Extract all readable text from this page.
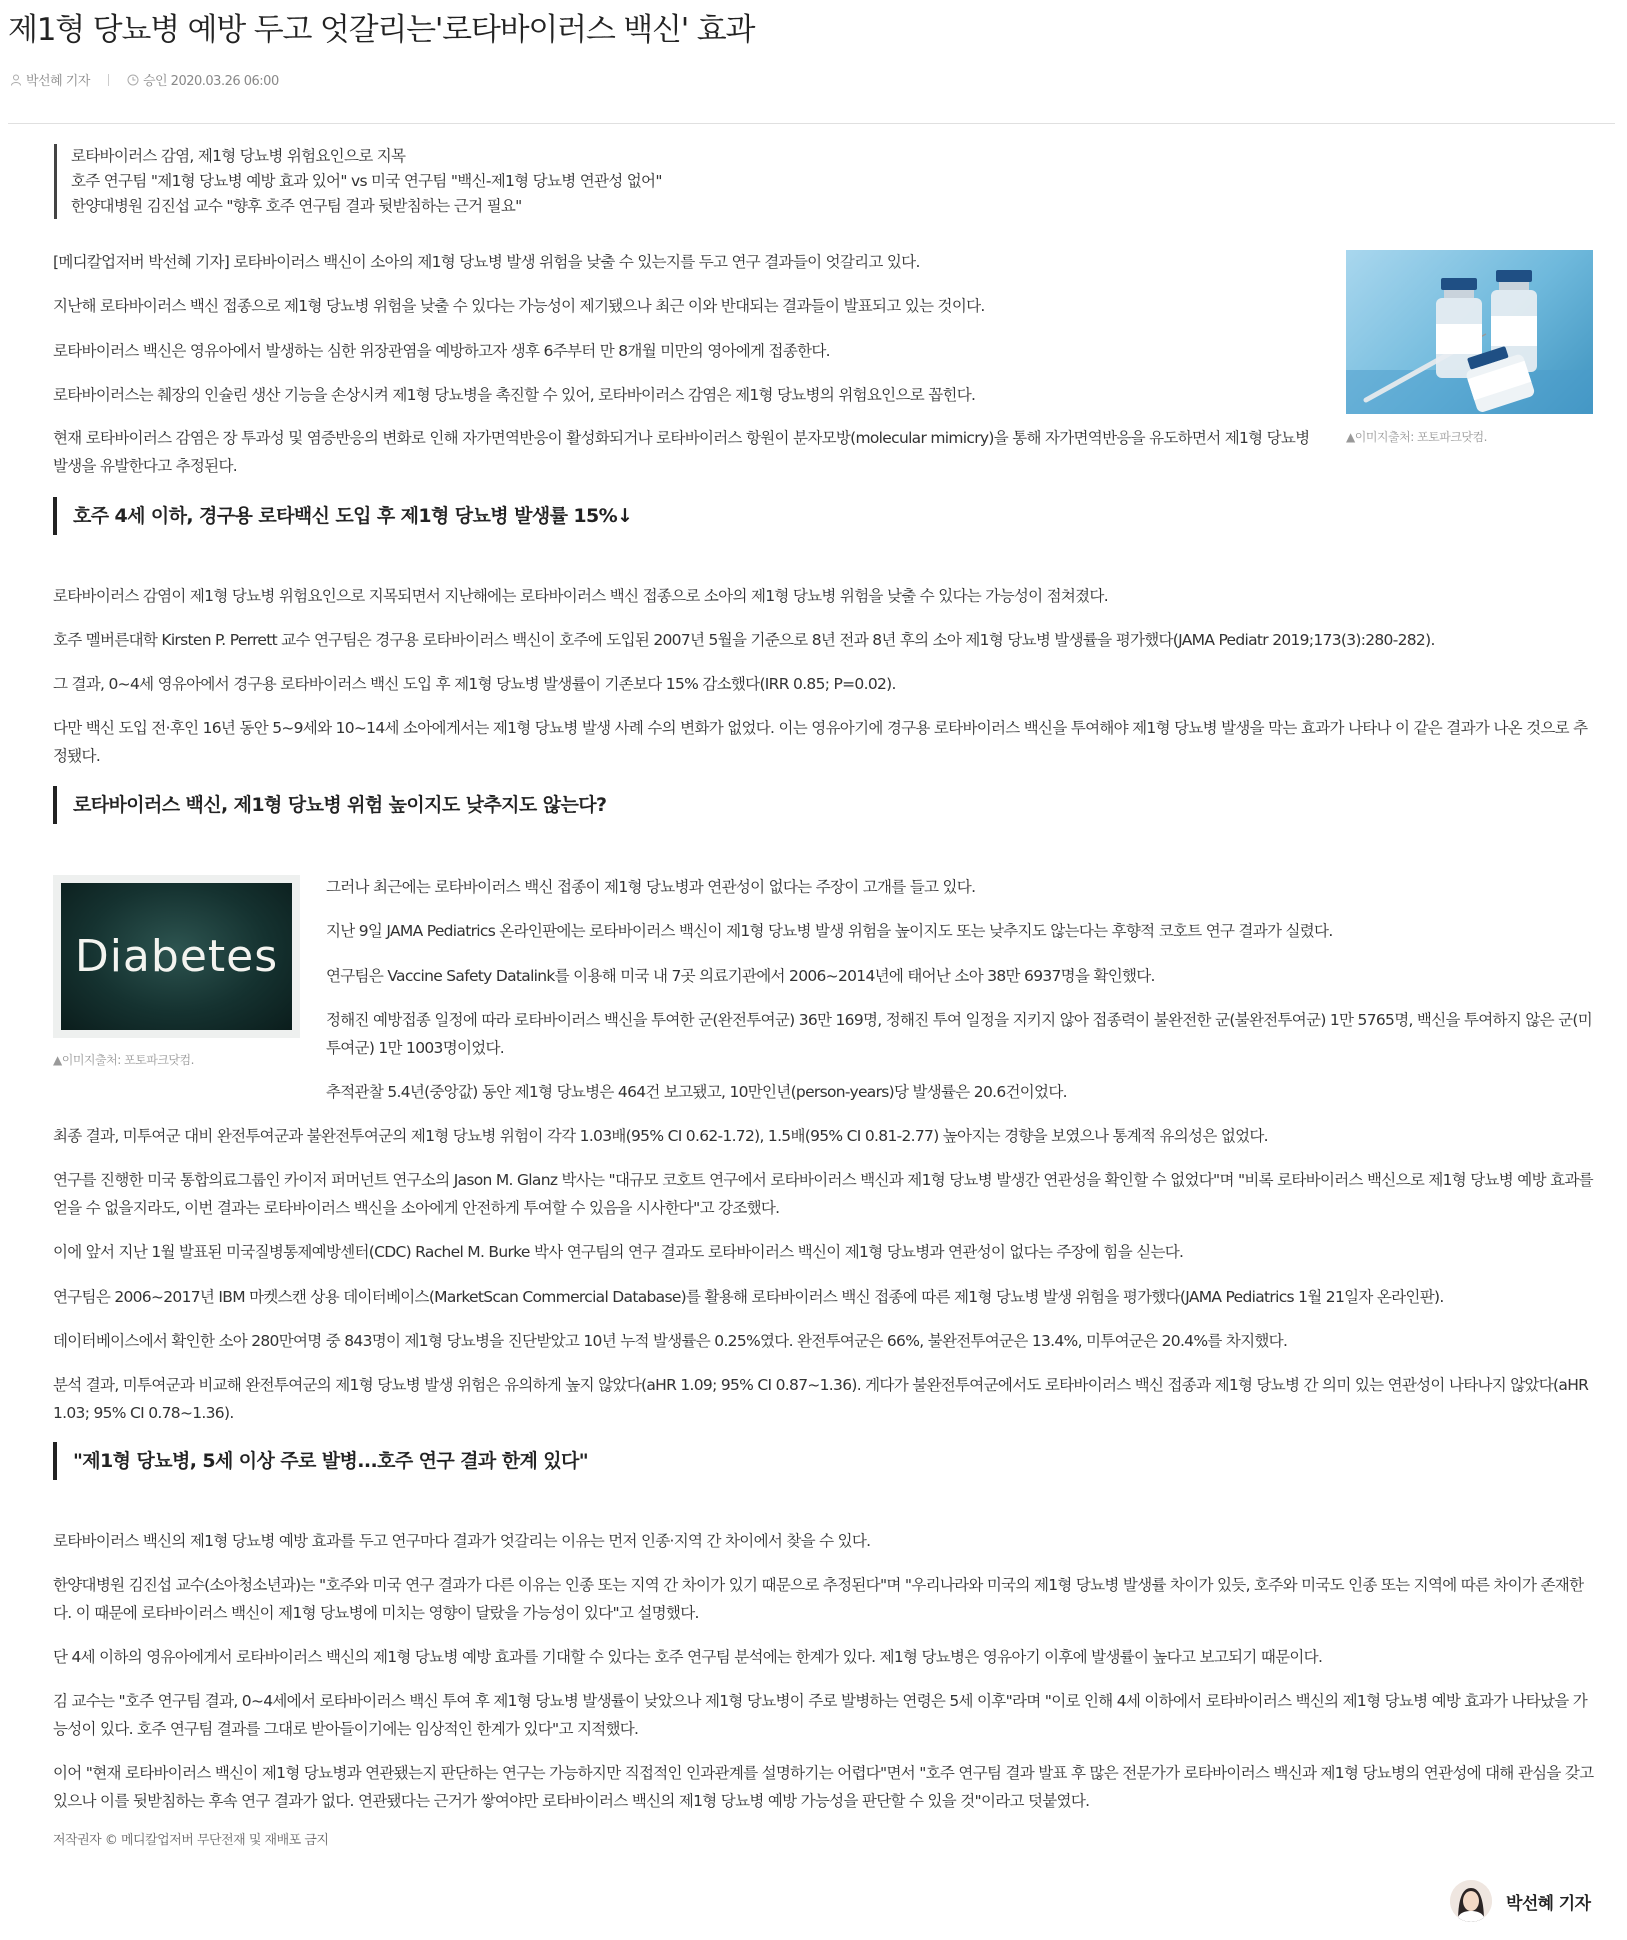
제1형 당뇨병 예방 두고 엇갈리는'로타바이러스 백신' 효과
박선혜 기자	승인 2020.03.26 06:00
로타바이러스 감염, 제1형 당뇨병 위험요인으로 지목
호주 연구팀 "제1형 당뇨병 예방 효과 있어" vs 미국 연구팀 "백신-제1형 당뇨병 연관성 없어"
한양대병원 김진섭 교수 "향후 호주 연구팀 결과 뒷받침하는 근거 필요"

[메디칼업저버 박선혜 기자] 로타바이러스 백신이 소아의 제1형 당뇨병 발생 위험을 낮출 수 있는지를 두고 연구 결과들이 엇갈리고 있다.

지난해 로타바이러스 백신 접종으로 제1형 당뇨병 위험을 낮출 수 있다는 가능성이 제기됐으나 최근 이와 반대되는 결과들이 발표되고 있는 것이다.

로타바이러스 백신은 영유아에서 발생하는 심한 위장관염을 예방하고자 생후 6주부터 만 8개월 미만의 영아에게 접종한다.

로타바이러스는 췌장의 인슐린 생산 기능을 손상시켜 제1형 당뇨병을 촉진할 수 있어, 로타바이러스 감염은 제1형 당뇨병의 위험요인으로 꼽힌다.

현재 로타바이러스 감염은 장 투과성 및 염증반응의 변화로 인해 자가면역반응이 활성화되거나 로타바이러스 항원이 분자모방(molecular mimicry)을 통해 자가면역반응을 유도하면서 제1형 당뇨병 발생을 유발한다고 추정된다.

▲이미지출처: 포토파크닷컴.
호주 4세 이하, 경구용 로타백신 도입 후 제1형 당뇨병 발생률 15%↓

로타바이러스 감염이 제1형 당뇨병 위험요인으로 지목되면서 지난해에는 로타바이러스 백신 접종으로 소아의 제1형 당뇨병 위험을 낮출 수 있다는 가능성이 점쳐졌다.

호주 멜버른대학 Kirsten P. Perrett 교수 연구팀은 경구용 로타바이러스 백신이 호주에 도입된 2007년 5월을 기준으로 8년 전과 8년 후의 소아 제1형 당뇨병 발생률을 평가했다(JAMA Pediatr 2019;173(3):280-282).

그 결과, 0~4세 영유아에서 경구용 로타바이러스 백신 도입 후 제1형 당뇨병 발생률이 기존보다 15% 감소했다(IRR 0.85; P=0.02).

다만 백신 도입 전·후인 16년 동안 5~9세와 10~14세 소아에게서는 제1형 당뇨병 발생 사례 수의 변화가 없었다. 이는 영유아기에 경구용 로타바이러스 백신을 투여해야 제1형 당뇨병 발생을 막는 효과가 나타나 이 같은 결과가 나온 것으로 추정됐다.

로타바이러스 백신, 제1형 당뇨병 위험 높이지도 낮추지도 않는다?
Diabetes
▲이미지출처: 포토파크닷컴.

그러나 최근에는 로타바이러스 백신 접종이 제1형 당뇨병과 연관성이 없다는 주장이 고개를 들고 있다.

지난 9일 JAMA Pediatrics 온라인판에는 로타바이러스 백신이 제1형 당뇨병 발생 위험을 높이지도 또는 낮추지도 않는다는 후향적 코호트 연구 결과가 실렸다.

연구팀은 Vaccine Safety Datalink를 이용해 미국 내 7곳 의료기관에서 2006~2014년에 태어난 소아 38만 6937명을 확인했다.

정해진 예방접종 일정에 따라 로타바이러스 백신을 투여한 군(완전투여군) 36만 169명, 정해진 투여 일정을 지키지 않아 접종력이 불완전한 군(불완전투여군) 1만 5765명, 백신을 투여하지 않은 군(미투여군) 1만 1003명이었다.

추적관찰 5.4년(중앙값) 동안 제1형 당뇨병은 464건 보고됐고, 10만인년(person-years)당 발생률은 20.6건이었다.

최종 결과, 미투여군 대비 완전투여군과 불완전투여군의 제1형 당뇨병 위험이 각각 1.03배(95% CI 0.62-1.72), 1.5배(95% CI 0.81-2.77) 높아지는 경향을 보였으나 통계적 유의성은 없었다.

연구를 진행한 미국 통합의료그룹인 카이저 퍼머넌트 연구소의 Jason M. Glanz 박사는 "대규모 코호트 연구에서 로타바이러스 백신과 제1형 당뇨병 발생간 연관성을 확인할 수 없었다"며 "비록 로타바이러스 백신으로 제1형 당뇨병 예방 효과를 얻을 수 없을지라도, 이번 결과는 로타바이러스 백신을 소아에게 안전하게 투여할 수 있음을 시사한다"고 강조했다.

이에 앞서 지난 1월 발표된 미국질병통제예방센터(CDC) Rachel M. Burke 박사 연구팀의 연구 결과도 로타바이러스 백신이 제1형 당뇨병과 연관성이 없다는 주장에 힘을 싣는다.

연구팀은 2006~2017년 IBM 마켓스캔 상용 데이터베이스(MarketScan Commercial Database)를 활용해 로타바이러스 백신 접종에 따른 제1형 당뇨병 발생 위험을 평가했다(JAMA Pediatrics 1월 21일자 온라인판).

데이터베이스에서 확인한 소아 280만여명 중 843명이 제1형 당뇨병을 진단받았고 10년 누적 발생률은 0.25%였다. 완전투여군은 66%, 불완전투여군은 13.4%, 미투여군은 20.4%를 차지했다.

분석 결과, 미투여군과 비교해 완전투여군의 제1형 당뇨병 발생 위험은 유의하게 높지 않았다(aHR 1.09; 95% CI 0.87~1.36). 게다가 불완전투여군에서도 로타바이러스 백신 접종과 제1형 당뇨병 간 의미 있는 연관성이 나타나지 않았다(aHR 1.03; 95% CI 0.78~1.36).

"제1형 당뇨병, 5세 이상 주로 발병...호주 연구 결과 한계 있다"

로타바이러스 백신의 제1형 당뇨병 예방 효과를 두고 연구마다 결과가 엇갈리는 이유는 먼저 인종·지역 간 차이에서 찾을 수 있다.

한양대병원 김진섭 교수(소아청소년과)는 "호주와 미국 연구 결과가 다른 이유는 인종 또는 지역 간 차이가 있기 때문으로 추정된다"며 "우리나라와 미국의 제1형 당뇨병 발생률 차이가 있듯, 호주와 미국도 인종 또는 지역에 따른 차이가 존재한다. 이 때문에 로타바이러스 백신이 제1형 당뇨병에 미치는 영향이 달랐을 가능성이 있다"고 설명했다.

단 4세 이하의 영유아에게서 로타바이러스 백신의 제1형 당뇨병 예방 효과를 기대할 수 있다는 호주 연구팀 분석에는 한계가 있다. 제1형 당뇨병은 영유아기 이후에 발생률이 높다고 보고되기 때문이다.

김 교수는 "호주 연구팀 결과, 0~4세에서 로타바이러스 백신 투여 후 제1형 당뇨병 발생률이 낮았으나 제1형 당뇨병이 주로 발병하는 연령은 5세 이후"라며 "이로 인해 4세 이하에서 로타바이러스 백신의 제1형 당뇨병 예방 효과가 나타났을 가능성이 있다. 호주 연구팀 결과를 그대로 받아들이기에는 임상적인 한계가 있다"고 지적했다.

이어 "현재 로타바이러스 백신이 제1형 당뇨병과 연관됐는지 판단하는 연구는 가능하지만 직접적인 인과관계를 설명하기는 어렵다"면서 "호주 연구팀 결과 발표 후 많은 전문가가 로타바이러스 백신과 제1형 당뇨병의 연관성에 대해 관심을 갖고 있으나 이를 뒷받침하는 후속 연구 결과가 없다. 연관됐다는 근거가 쌓여야만 로타바이러스 백신의 제1형 당뇨병 예방 가능성을 판단할 수 있을 것"이라고 덧붙였다.

저작권자 © 메디칼업저버 무단전재 및 재배포 금지
박선혜 기자
